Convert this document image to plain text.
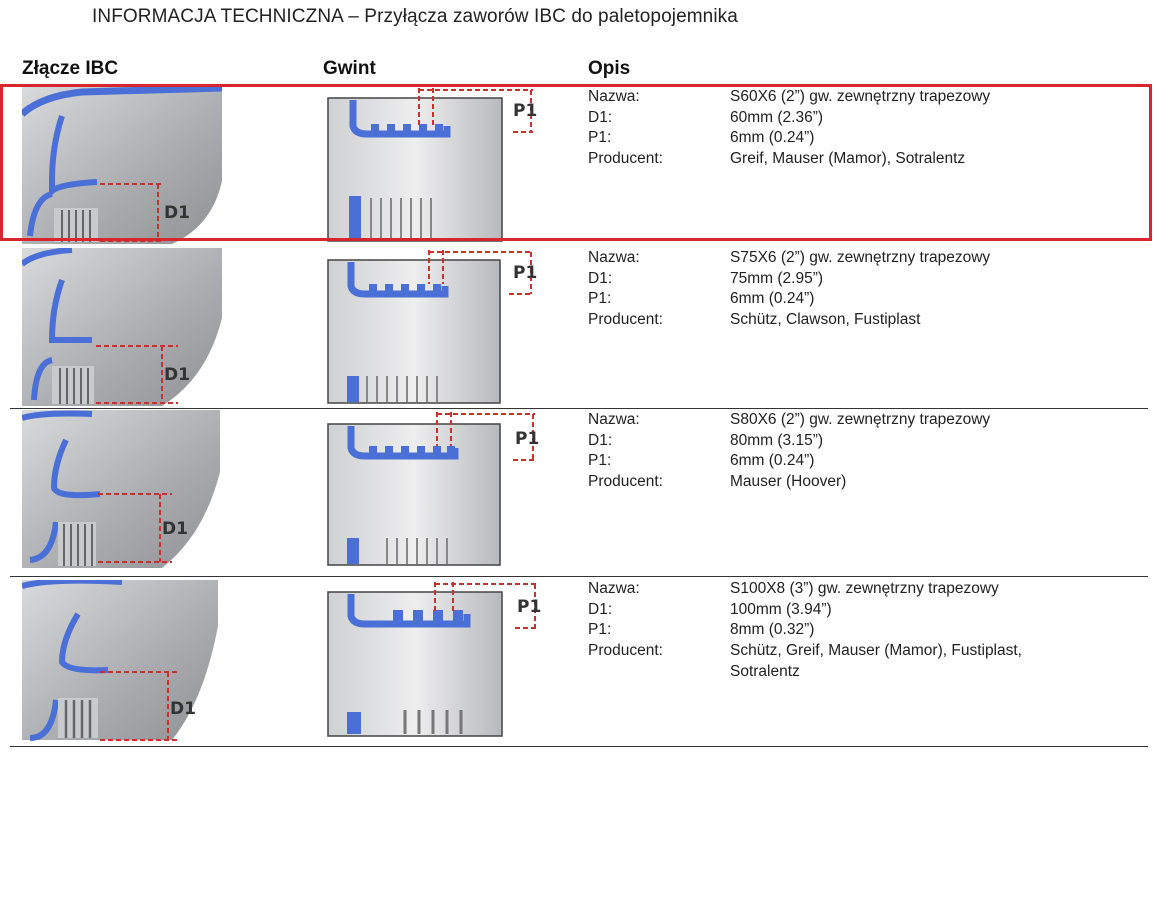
INFORMACJA TECHNICZNA – Przyłącza zaworów IBC do paletopojemnika
Złącze IBC	Gwint	Opis
D1
P1
Nazwa:	S60X6 (2”) gw. zewnętrzny trapezowy
D1:	60mm (2.36”)
P1:	6mm (0.24”)
Producent:	Greif, Mauser (Mamor), Sotralentz
D1
P1
Nazwa:	S75X6 (2”) gw. zewnętrzny trapezowy
D1:	75mm (2.95”)
P1:	6mm (0.24”)
Producent:	Schütz, Clawson, Fustiplast
D1
P1
Nazwa:	S80X6 (2”) gw. zewnętrzny trapezowy
D1:	80mm (3.15”)
P1:	6mm (0.24”)
Producent:	Mauser (Hoover)
D1
P1
Nazwa:	S100X8 (3”) gw. zewnętrzny trapezowy
D1:	100mm (3.94”)
P1:	8mm (0.32”)
Producent:	Schütz, Greif, Mauser (Mamor), Fustiplast, Sotralentz
